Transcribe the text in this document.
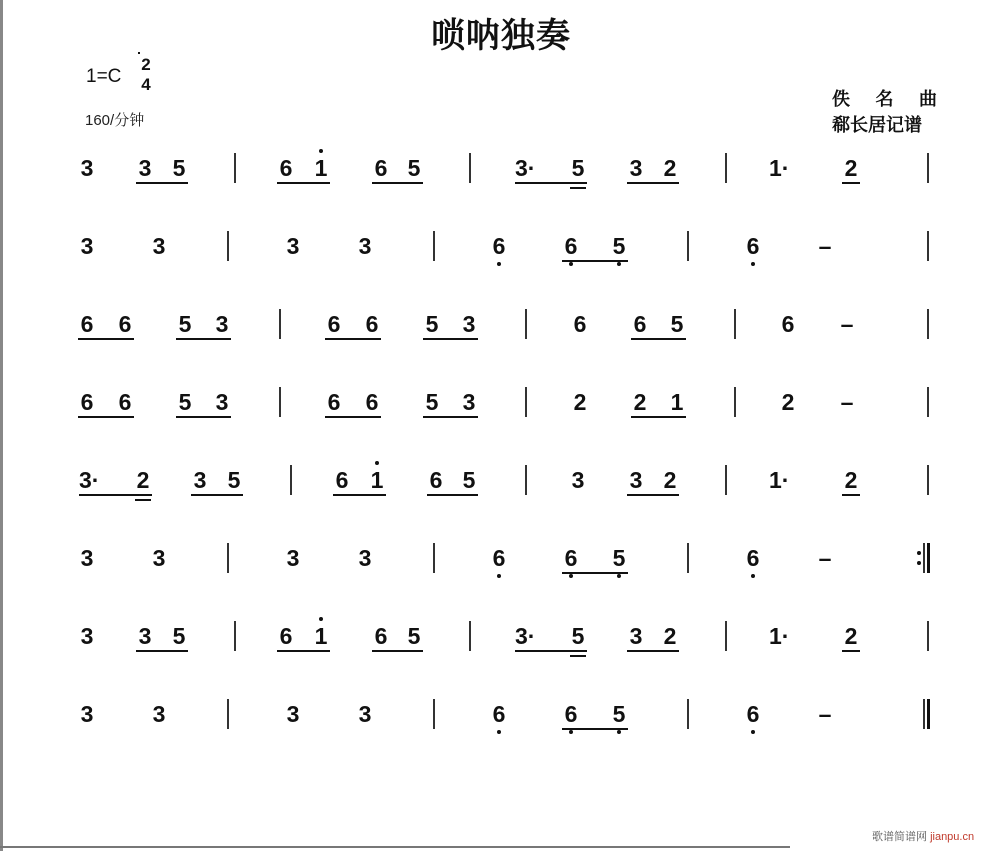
唢呐独奏
1=C
2
4
160/分钟
佚 名 曲
郗长居记谱
3 3 5	6 1 6 5	3· 5 3 2	1· 2
3	3	3	3	6	6 5	6	–
6 6 5 3	6 6 5 3	6 6 5	6 –
6 6 5 3	6 6 5 3	2 2 1	2 –
3· 2 3 5	6 1 6 5	3 3 2	1· 2
3	3	3	3	6	6 5	6	–
3 3 5	6 1 6 5	3· 5 3 2	1· 2
3	3	3	3	6	6 5	6	–
歌谱简谱网 jianpu.cn
